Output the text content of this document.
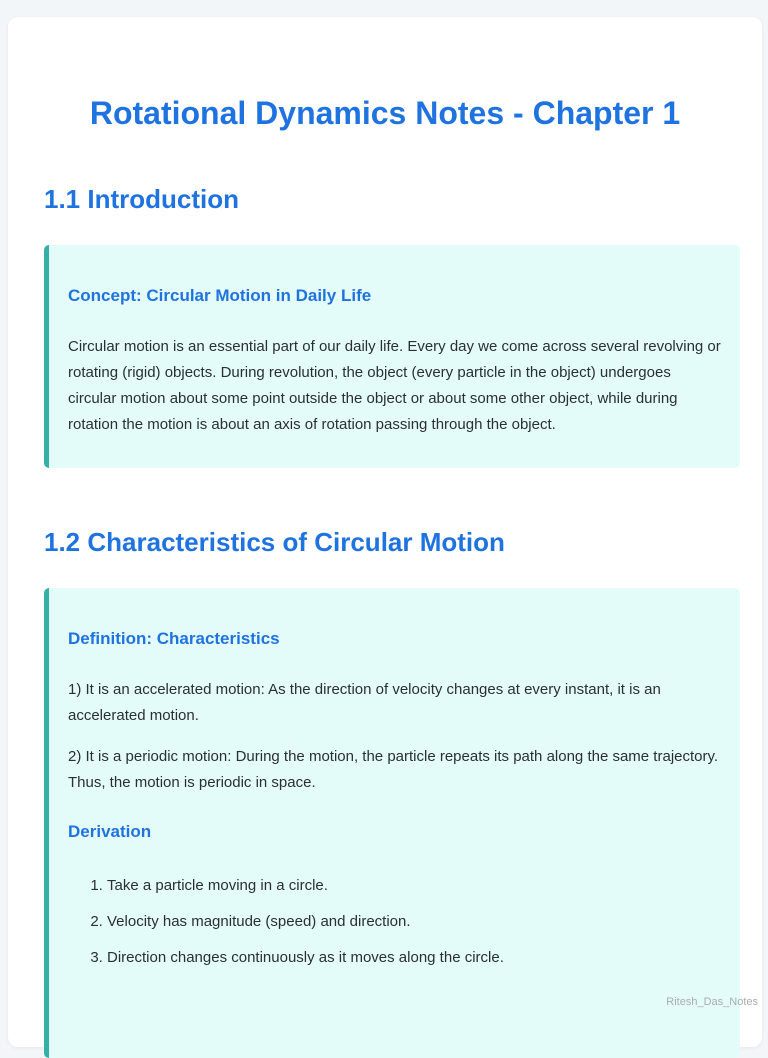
Rotational Dynamics Notes - Chapter 1
1.1 Introduction

Concept: Circular Motion in Daily Life

Circular motion is an essential part of our daily life. Every day we come across several revolving or rotating (rigid) objects. During revolution, the object (every particle in the object) undergoes circular motion about some point outside the object or about some other object, while during rotation the motion is about an axis of rotation passing through the object.

1.2 Characteristics of Circular Motion

Definition: Characteristics

1) It is an accelerated motion: As the direction of velocity changes at every instant, it is an accelerated motion.

2) It is a periodic motion: During the motion, the particle repeats its path along the same trajectory. Thus, the motion is periodic in space.

Derivation

1. Take a particle moving in a circle.
2. Velocity has magnitude (speed) and direction.
3. Direction changes continuously as it moves along the circle.
Ritesh_Das_Notes
